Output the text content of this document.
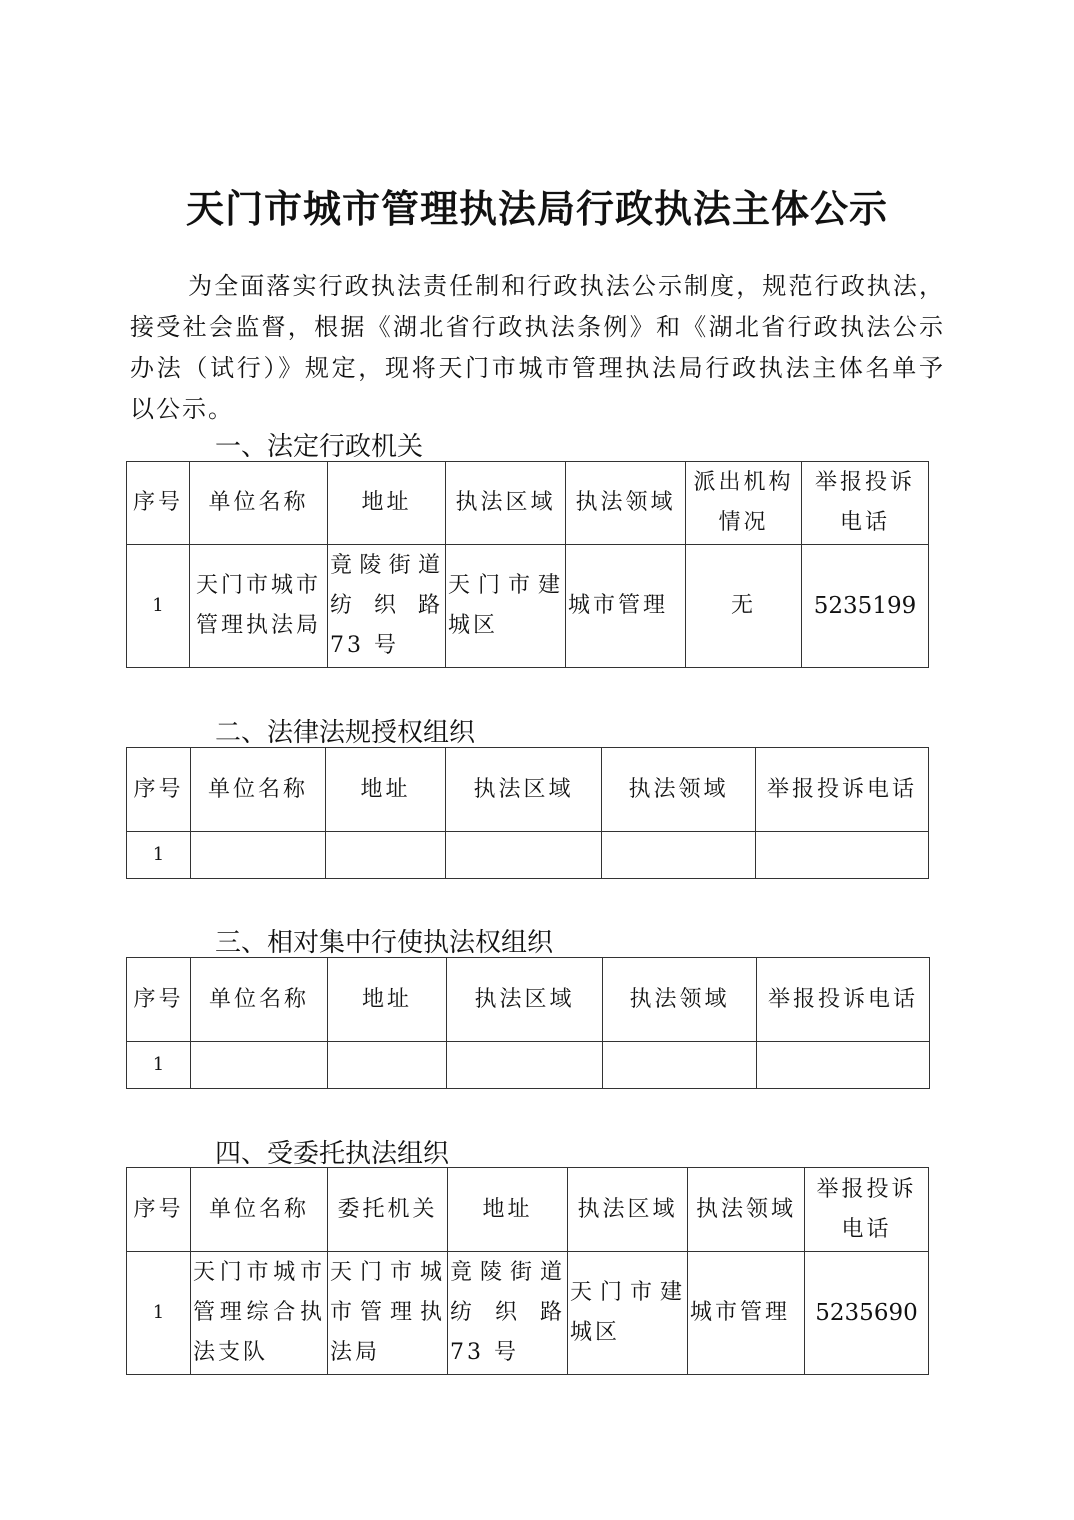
天门市城市管理执法局行政执法主体公示
为全面落实行政执法责任制和行政执法公示制度，规范行政执法，接受社会监督，根据《湖北省行政执法条例》和《湖北省行政执法公示办法（试行）》规定，现将天门市城市管理执法局行政执法主体名单予以公示。
一、法定行政机关
序号	单位名称	地址	执法区域	执法领域	派出机构情况	举报投诉电话
1	天门市城市管理执法局	竟陵街道纺织路 73 号	天门市建城区	城市管理	无	5235199
二、法律法规授权组织
序号	单位名称	地址	执法区域	执法领域	举报投诉电话
1					
三、相对集中行使执法权组织
序号	单位名称	地址	执法区域	执法领域	举报投诉电话
1					
四、受委托执法组织
序号	单位名称	委托机关	地址	执法区域	执法领域	举报投诉电话
1	天门市城市管理综合执法支队	天门市城市管理执法局	竟陵街道纺织路 73 号	天门市建城区	城市管理	5235690
